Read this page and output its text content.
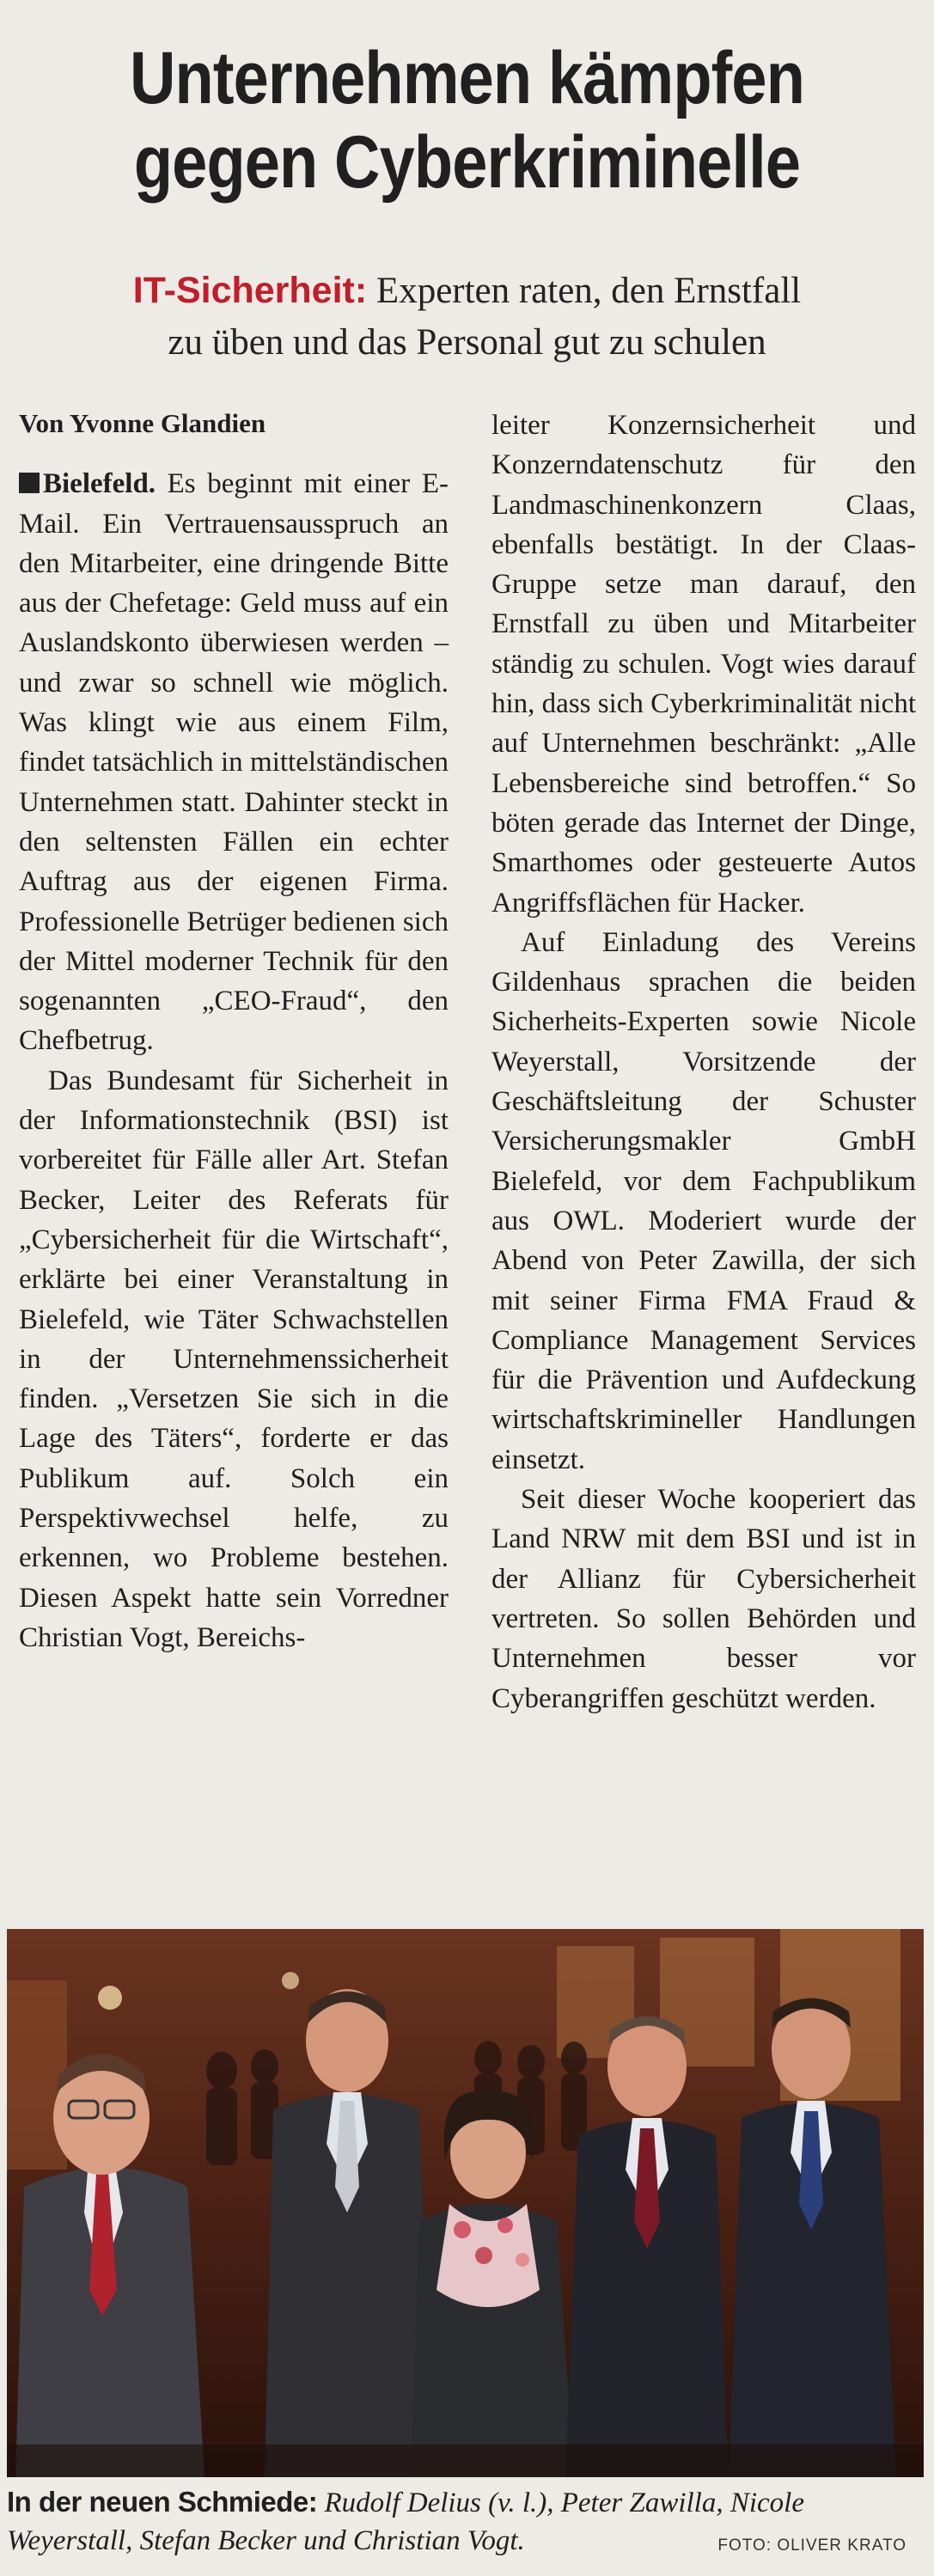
Unternehmen kämpfen
gegen Cyberkriminelle
IT-Sicherheit: Experten raten, den Ernstfall
zu üben und das Personal gut zu schulen

Von Yvonne Glandien

Bielefeld. Es beginnt mit einer E-Mail. Ein Vertrauensausspruch an den Mitarbeiter, eine dringende Bitte aus der Chefetage: Geld muss auf ein Auslandskonto überwiesen werden – und zwar so schnell wie möglich. Was klingt wie aus einem Film, findet tatsächlich in mittelständischen Unternehmen statt. Dahinter steckt in den seltensten Fällen ein echter Auftrag aus der eigenen Firma. Professionelle Betrüger bedienen sich der Mittel moderner Technik für den sogenannten „CEO-Fraud“, den Chefbetrug.

Das Bundesamt für Sicherheit in der Informationstechnik (BSI) ist vorbereitet für Fälle aller Art. Stefan Becker, Leiter des Referats für „Cybersicherheit für die Wirtschaft“, erklärte bei einer Veranstaltung in Bielefeld, wie Täter Schwachstellen in der Unternehmenssicherheit finden. „Versetzen Sie sich in die Lage des Täters“, forderte er das Publikum auf. Solch ein Perspektivwechsel helfe, zu erkennen, wo Probleme bestehen. Diesen Aspekt hatte sein Vorredner Christian Vogt, Bereichs-

leiter Konzernsicherheit und Konzerndatenschutz für den Landmaschinenkonzern Claas, ebenfalls bestätigt. In der Claas-Gruppe setze man darauf, den Ernstfall zu üben und Mitarbeiter ständig zu schulen. Vogt wies darauf hin, dass sich Cyberkriminalität nicht auf Unternehmen beschränkt: „Alle Lebensbereiche sind betroffen.“ So böten gerade das Internet der Dinge, Smarthomes oder gesteuerte Autos Angriffsflächen für Hacker.

Auf Einladung des Vereins Gildenhaus sprachen die beiden Sicherheits-Experten sowie Nicole Weyerstall, Vorsitzende der Geschäftsleitung der Schuster Versicherungsmakler GmbH Bielefeld, vor dem Fachpublikum aus OWL. Moderiert wurde der Abend von Peter Zawilla, der sich mit seiner Firma FMA Fraud & Compliance Management Services für die Prävention und Aufdeckung wirtschaftskrimineller Handlungen einsetzt.

Seit dieser Woche kooperiert das Land NRW mit dem BSI und ist in der Allianz für Cybersicherheit vertreten. So sollen Behörden und Unternehmen besser vor Cyberangriffen geschützt werden.

In der neuen Schmiede: Rudolf Delius (v. l.), Peter Zawilla, Nicole Weyerstall, Stefan Becker und Christian Vogt.	FOTO: OLIVER KRATO
